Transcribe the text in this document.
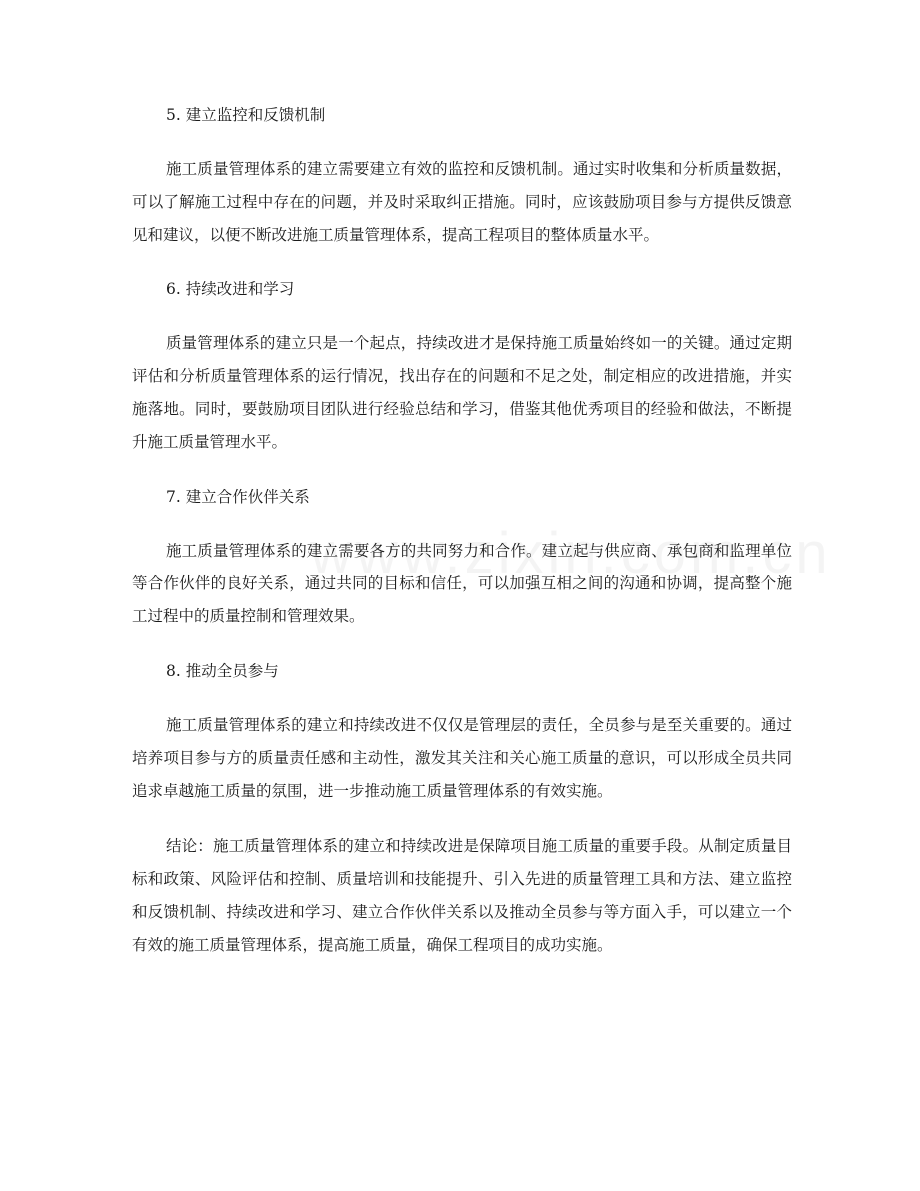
5. 建立监控和反馈机制

施工质量管理体系的建立需要建立有效的监控和反馈机制。通过实时收集和分析质量数据，可以了解施工过程中存在的问题，并及时采取纠正措施。同时，应该鼓励项目参与方提供反馈意见和建议，以便不断改进施工质量管理体系，提高工程项目的整体质量水平。

6. 持续改进和学习

质量管理体系的建立只是一个起点，持续改进才是保持施工质量始终如一的关键。通过定期评估和分析质量管理体系的运行情况，找出存在的问题和不足之处，制定相应的改进措施，并实施落地。同时，要鼓励项目团队进行经验总结和学习，借鉴其他优秀项目的经验和做法，不断提升施工质量管理水平。

7. 建立合作伙伴关系

施工质量管理体系的建立需要各方的共同努力和合作。建立起与供应商、承包商和监理单位等合作伙伴的良好关系，通过共同的目标和信任，可以加强互相之间的沟通和协调，提高整个施工过程中的质量控制和管理效果。

8. 推动全员参与

施工质量管理体系的建立和持续改进不仅仅是管理层的责任，全员参与是至关重要的。通过培养项目参与方的质量责任感和主动性，激发其关注和关心施工质量的意识，可以形成全员共同追求卓越施工质量的氛围，进一步推动施工质量管理体系的有效实施。

结论：施工质量管理体系的建立和持续改进是保障项目施工质量的重要手段。从制定质量目标和政策、风险评估和控制、质量培训和技能提升、引入先进的质量管理工具和方法、建立监控和反馈机制、持续改进和学习、建立合作伙伴关系以及推动全员参与等方面入手，可以建立一个有效的施工质量管理体系，提高施工质量，确保工程项目的成功实施。
